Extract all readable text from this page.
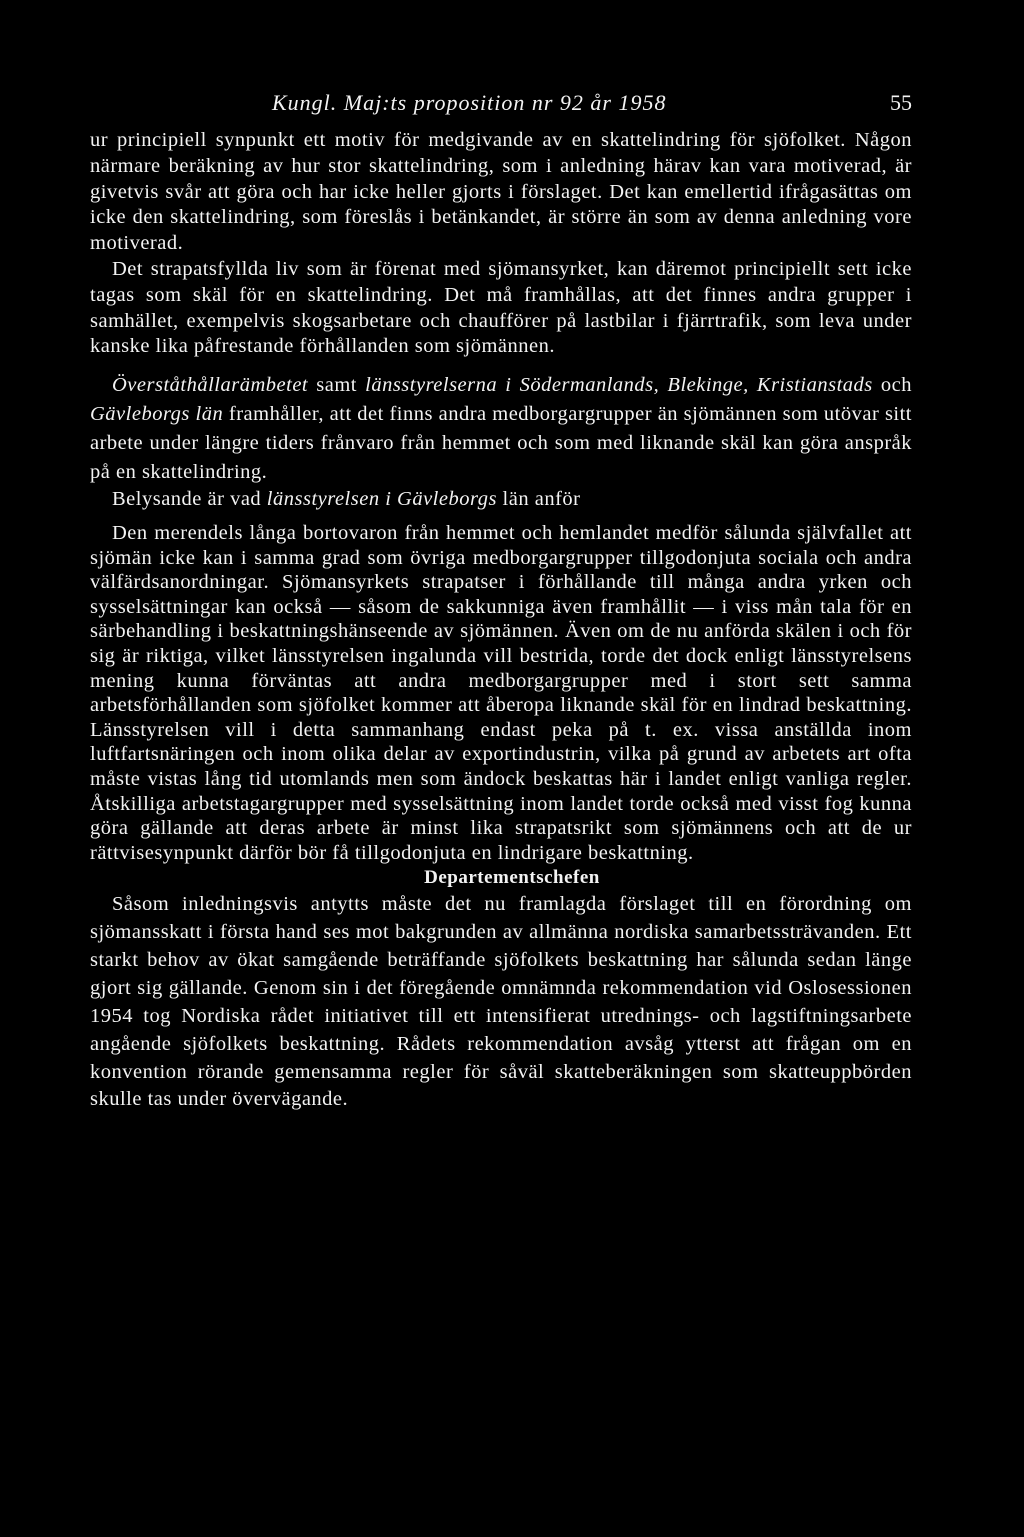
Kungl. Maj:ts proposition nr 92 år 1958	55

ur principiell synpunkt ett motiv för medgivande av en skattelindring för sjöfolket. Någon närmare beräkning av hur stor skattelindring, som i anledning härav kan vara motiverad, är givetvis svår att göra och har icke heller gjorts i förslaget. Det kan emellertid ifrågasättas om icke den skattelindring, som föreslås i betänkandet, är större än som av denna anledning vore motiverad.

Det strapatsfyllda liv som är förenat med sjömansyrket, kan däremot principiellt sett icke tagas som skäl för en skattelindring. Det må framhållas, att det finnes andra grupper i samhället, exempelvis skogsarbetare och chaufförer på lastbilar i fjärrtrafik, som leva under kanske lika påfrestande förhållanden som sjömännen.

Överståthållarämbetet samt länsstyrelserna i Södermanlands, Blekinge, Kristianstads och Gävleborgs län framhåller, att det finns andra medborgargrupper än sjömännen som utövar sitt arbete under längre tiders frånvaro från hemmet och som med liknande skäl kan göra anspråk på en skattelindring.

Belysande är vad länsstyrelsen i Gävleborgs län anför

Den merendels långa bortovaron från hemmet och hemlandet medför sålunda självfallet att sjömän icke kan i samma grad som övriga medborgargrupper tillgodonjuta sociala och andra välfärdsanordningar. Sjömansyrkets strapatser i förhållande till många andra yrken och sysselsättningar kan också — såsom de sakkunniga även framhållit — i viss mån tala för en särbehandling i beskattningshänseende av sjömännen. Även om de nu anförda skälen i och för sig är riktiga, vilket länsstyrelsen ingalunda vill bestrida, torde det dock enligt länsstyrelsens mening kunna förväntas att andra medborgargrupper med i stort sett samma arbetsförhållanden som sjöfolket kommer att åberopa liknande skäl för en lindrad beskattning. Länsstyrelsen vill i detta sammanhang endast peka på t. ex. vissa anställda inom luftfartsnäringen och inom olika delar av exportindustrin, vilka på grund av arbetets art ofta måste vistas lång tid utomlands men som ändock beskattas här i landet enligt vanliga regler. Åtskilliga arbetstagargrupper med sysselsättning inom landet torde också med visst fog kunna göra gällande att deras arbete är minst lika strapatsrikt som sjömännens och att de ur rättvisesynpunkt därför bör få tillgodonjuta en lindrigare beskattning.

Departementschefen

Såsom inledningsvis antytts måste det nu framlagda förslaget till en förordning om sjömansskatt i första hand ses mot bakgrunden av allmänna nordiska samarbetssträvanden. Ett starkt behov av ökat samgående beträffande sjöfolkets beskattning har sålunda sedan länge gjort sig gällande. Genom sin i det föregående omnämnda rekommendation vid Oslosessionen 1954 tog Nordiska rådet initiativet till ett intensifierat utrednings- och lagstiftningsarbete angående sjöfolkets beskattning. Rådets rekommendation avsåg ytterst att frågan om en konvention rörande gemensamma regler för såväl skatteberäkningen som skatteuppbörden skulle tas under övervägande.
